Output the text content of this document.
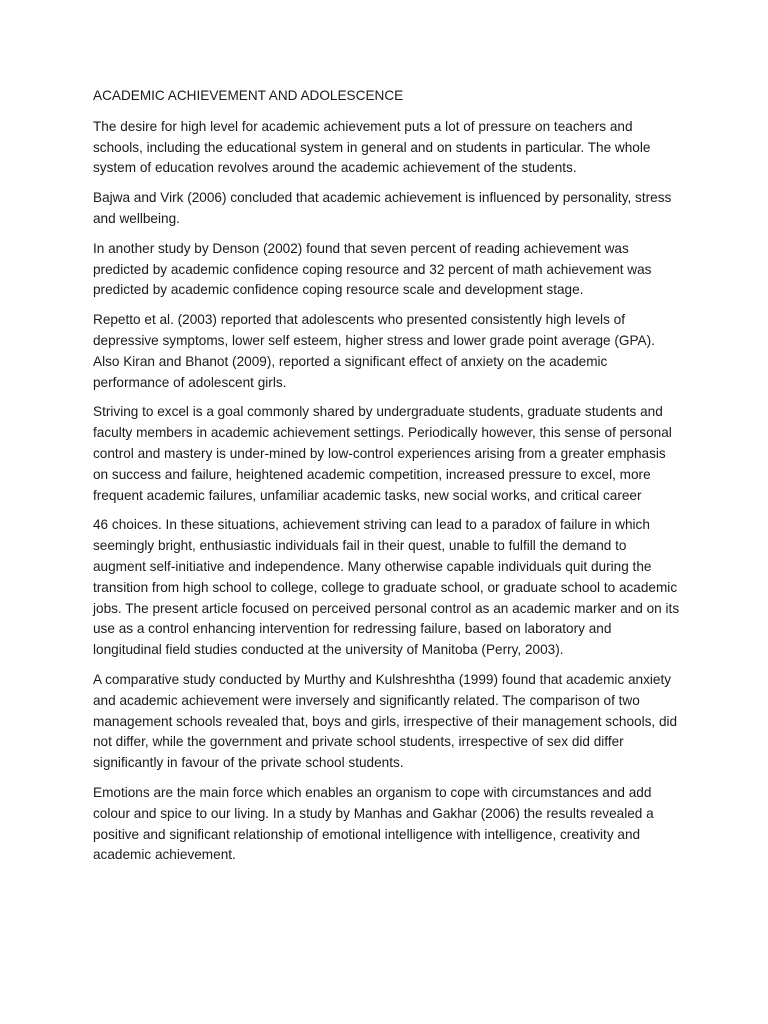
ACADEMIC ACHIEVEMENT AND ADOLESCENCE

The desire for high level for academic achievement puts a lot of pressure on teachers and schools, including the educational system in general and on students in particular. The whole system of education revolves around the academic achievement of the students.

Bajwa and Virk (2006) concluded that academic achievement is influenced by personality, stress and wellbeing.

In another study by Denson (2002) found that seven percent of reading achievement was predicted by academic confidence coping resource and 32 percent of math achievement was predicted by academic confidence coping resource scale and development stage.

Repetto et al. (2003) reported that adolescents who presented consistently high levels of depressive symptoms, lower self esteem, higher stress and lower grade point average (GPA). Also Kiran and Bhanot (2009), reported a significant effect of anxiety on the academic performance of adolescent girls.

Striving to excel is a goal commonly shared by undergraduate students, graduate students and faculty members in academic achievement settings. Periodically however, this sense of personal control and mastery is under-mined by low-control experiences arising from a greater emphasis on success and failure, heightened academic competition, increased pressure to excel, more frequent academic failures, unfamiliar academic tasks, new social works, and critical career

46 choices. In these situations, achievement striving can lead to a paradox of failure in which seemingly bright, enthusiastic individuals fail in their quest, unable to fulfill the demand to augment self-initiative and independence. Many otherwise capable individuals quit during the transition from high school to college, college to graduate school, or graduate school to academic jobs. The present article focused on perceived personal control as an academic marker and on its use as a control enhancing intervention for redressing failure, based on laboratory and longitudinal field studies conducted at the university of Manitoba (Perry, 2003).

A comparative study conducted by Murthy and Kulshreshtha (1999) found that academic anxiety and academic achievement were inversely and significantly related. The comparison of two management schools revealed that, boys and girls, irrespective of their management schools, did not differ, while the government and private school students, irrespective of sex did differ significantly in favour of the private school students.

Emotions are the main force which enables an organism to cope with circumstances and add colour and spice to our living. In a study by Manhas and Gakhar (2006) the results revealed a positive and significant relationship of emotional intelligence with intelligence, creativity and academic achievement.
